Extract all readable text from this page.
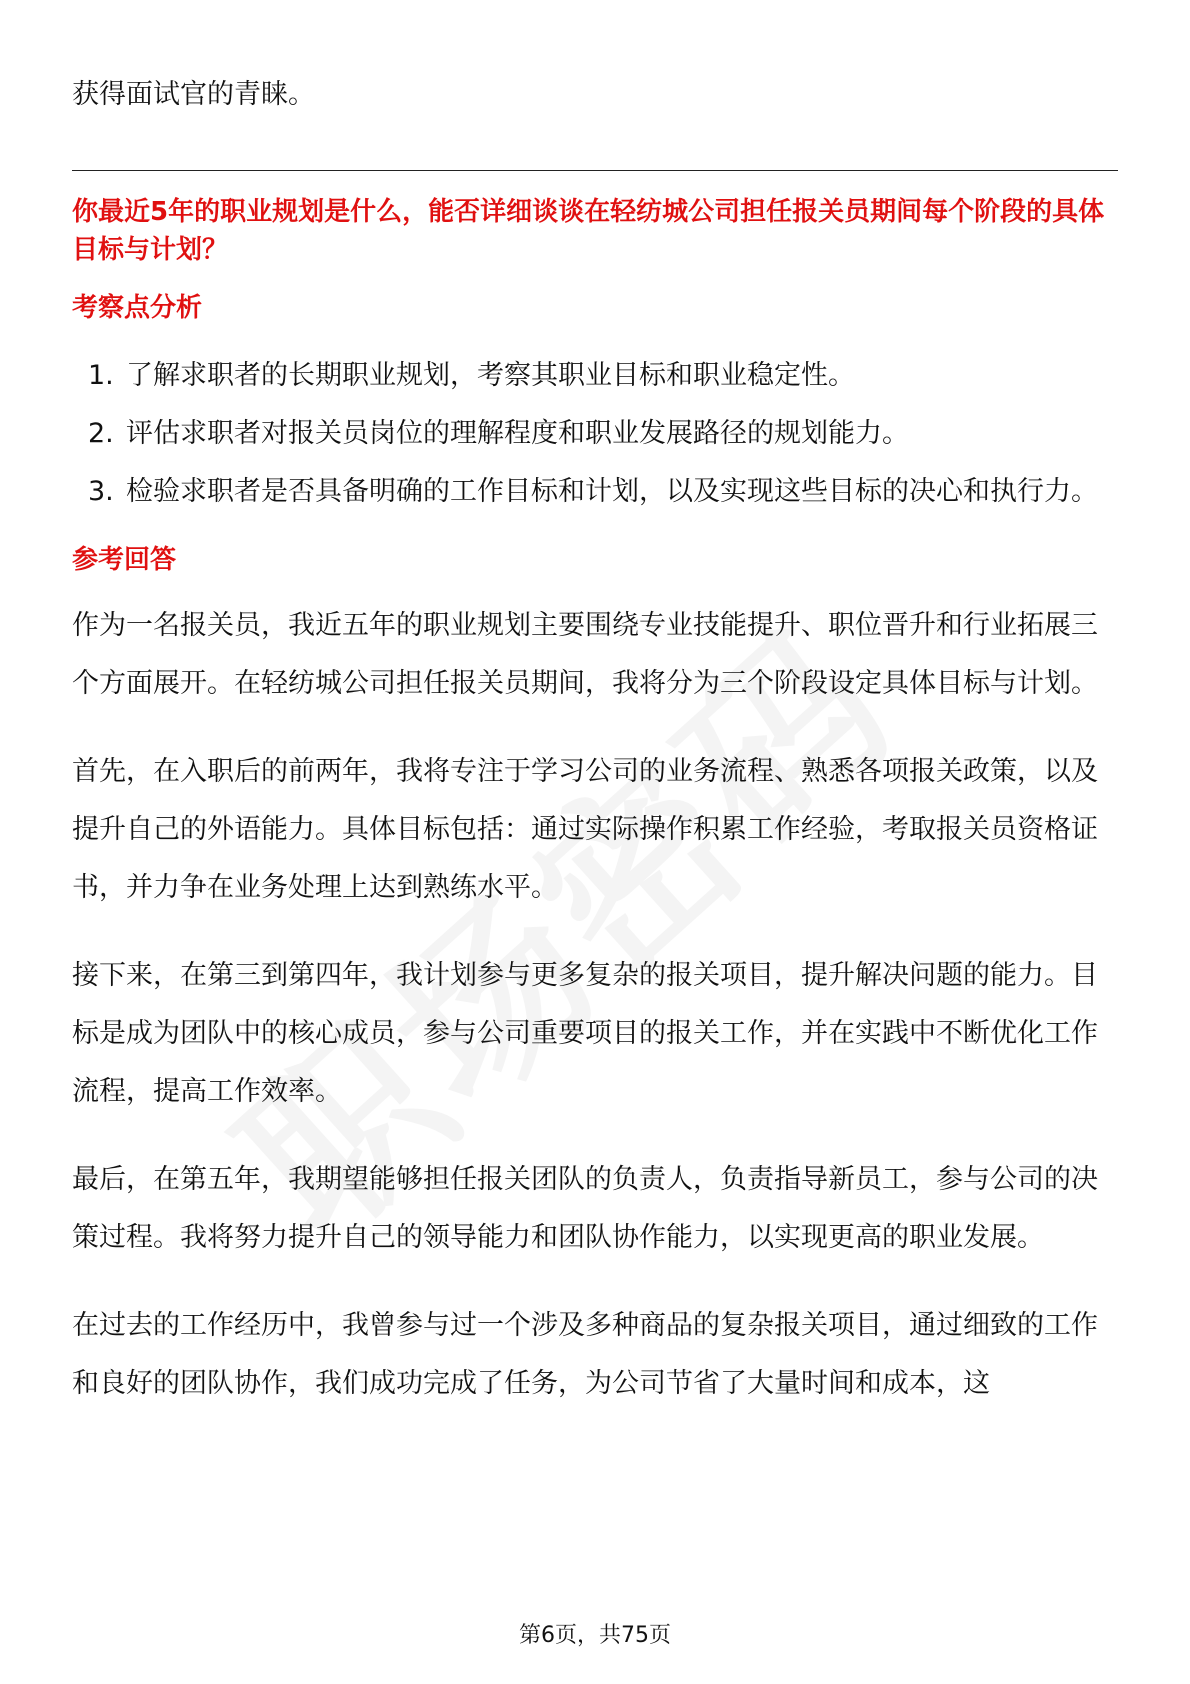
获得面试官的青睐。

你最近5年的职业规划是什么，能否详细谈谈在轻纺城公司担任报关员期间每个阶段的具体目标与计划？

考察点分析
1. 了解求职者的长期职业规划，考察其职业目标和职业稳定性。
2. 评估求职者对报关员岗位的理解程度和职业发展路径的规划能力。
3. 检验求职者是否具备明确的工作目标和计划，以及实现这些目标的决心和执行力。
参考回答

作为一名报关员，我近五年的职业规划主要围绕专业技能提升、职位晋升和行业拓展三个方面展开。在轻纺城公司担任报关员期间，我将分为三个阶段设定具体目标与计划。

首先，在入职后的前两年，我将专注于学习公司的业务流程、熟悉各项报关政策，以及提升自己的外语能力。具体目标包括：通过实际操作积累工作经验，考取报关员资格证书，并力争在业务处理上达到熟练水平。

接下来，在第三到第四年，我计划参与更多复杂的报关项目，提升解决问题的能力。目标是成为团队中的核心成员，参与公司重要项目的报关工作，并在实践中不断优化工作流程，提高工作效率。

最后，在第五年，我期望能够担任报关团队的负责人，负责指导新员工，参与公司的决策过程。我将努力提升自己的领导能力和团队协作能力，以实现更高的职业发展。

在过去的工作经历中，我曾参与过一个涉及多种商品的复杂报关项目，通过细致的工作和良好的团队协作，我们成功完成了任务，为公司节省了大量时间和成本，这

第6页，共75页
